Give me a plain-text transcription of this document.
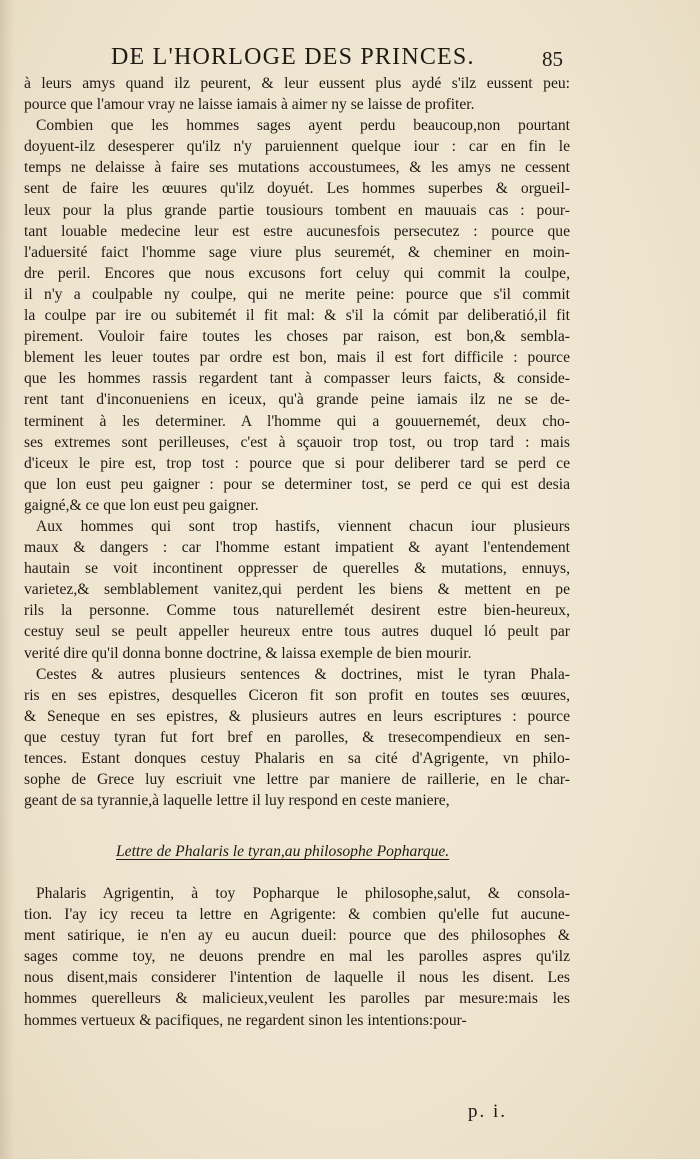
DE L'HORLOGE DES PRINCES.	85
à leurs amys quand ilz peurent, & leur eussent plus aydé s'ilz eussent peu:
pource que l'amour vray ne laisse iamais à aimer ny se laisse de profiter.
Combien que les hommes sages ayent perdu beaucoup,non pourtant
doyuent-ilz desesperer qu'ilz n'y paruiennent quelque iour : car en fin le
temps ne delaisse à faire ses mutations accoustumees, & les amys ne cessent
sent de faire les œuures qu'ilz doyuét. Les hommes superbes & orgueil-
leux pour la plus grande partie tousiours tombent en mauuais cas : pour-
tant louable medecine leur est estre aucunesfois persecutez : pource que
l'aduersité faict l'homme sage viure plus seuremét, & cheminer en moin-
dre peril. Encores que nous excusons fort celuy qui commit la coulpe,
il n'y a coulpable ny coulpe, qui ne merite peine: pource que s'il commit
la coulpe par ire ou subitemét il fit mal: & s'il la cómit par deliberatió,il fit
pirement. Vouloir faire toutes les choses par raison, est bon,& sembla-
blement les leuer toutes par ordre est bon, mais il est fort difficile : pource
que les hommes rassis regardent tant à compasser leurs faicts, & conside-
rent tant d'inconueniens en iceux, qu'à grande peine iamais ilz ne se de-
terminent à les determiner. A l'homme qui a gouuernemét, deux cho-
ses extremes sont perilleuses, c'est à sçauoir trop tost, ou trop tard : mais
d'iceux le pire est, trop tost : pource que si pour deliberer tard se perd ce
que lon eust peu gaigner : pour se determiner tost, se perd ce qui est desia
gaigné,& ce que lon eust peu gaigner.
Aux hommes qui sont trop hastifs, viennent chacun iour plusieurs
maux & dangers : car l'homme estant impatient & ayant l'entendement
hautain se voit incontinent oppresser de querelles & mutations, ennuys,
varietez,& semblablement vanitez,qui perdent les biens & mettent en pe
rils la personne. Comme tous naturellemét desirent estre bien-heureux,
cestuy seul se peult appeller heureux entre tous autres duquel ló peult par
verité dire qu'il donna bonne doctrine, & laissa exemple de bien mourir.
Cestes & autres plusieurs sentences & doctrines, mist le tyran Phala-
ris en ses epistres, desquelles Ciceron fit son profit en toutes ses œuures,
& Seneque en ses epistres, & plusieurs autres en leurs escriptures : pource
que cestuy tyran fut fort bref en parolles, & tresecompendieux en sen-
tences. Estant donques cestuy Phalaris en sa cité d'Agrigente, vn philo-
sophe de Grece luy escriuit vne lettre par maniere de raillerie, en le char-
geant de sa tyrannie,à laquelle lettre il luy respond en ceste maniere,
Lettre de Phalaris le tyran,au philosophe Popharque.
Phalaris Agrigentin, à toy Popharque le philosophe,salut, & consola-
tion. I'ay icy receu ta lettre en Agrigente: & combien qu'elle fut aucune-
ment satirique, ie n'en ay eu aucun dueil: pource que des philosophes &
sages comme toy, ne deuons prendre en mal les parolles aspres qu'ilz
nous disent,mais considerer l'intention de laquelle il nous les disent. Les
hommes querelleurs & malicieux,veulent les parolles par mesure:mais les
hommes vertueux & pacifiques, ne regardent sinon les intentions:pour-
p. i.
